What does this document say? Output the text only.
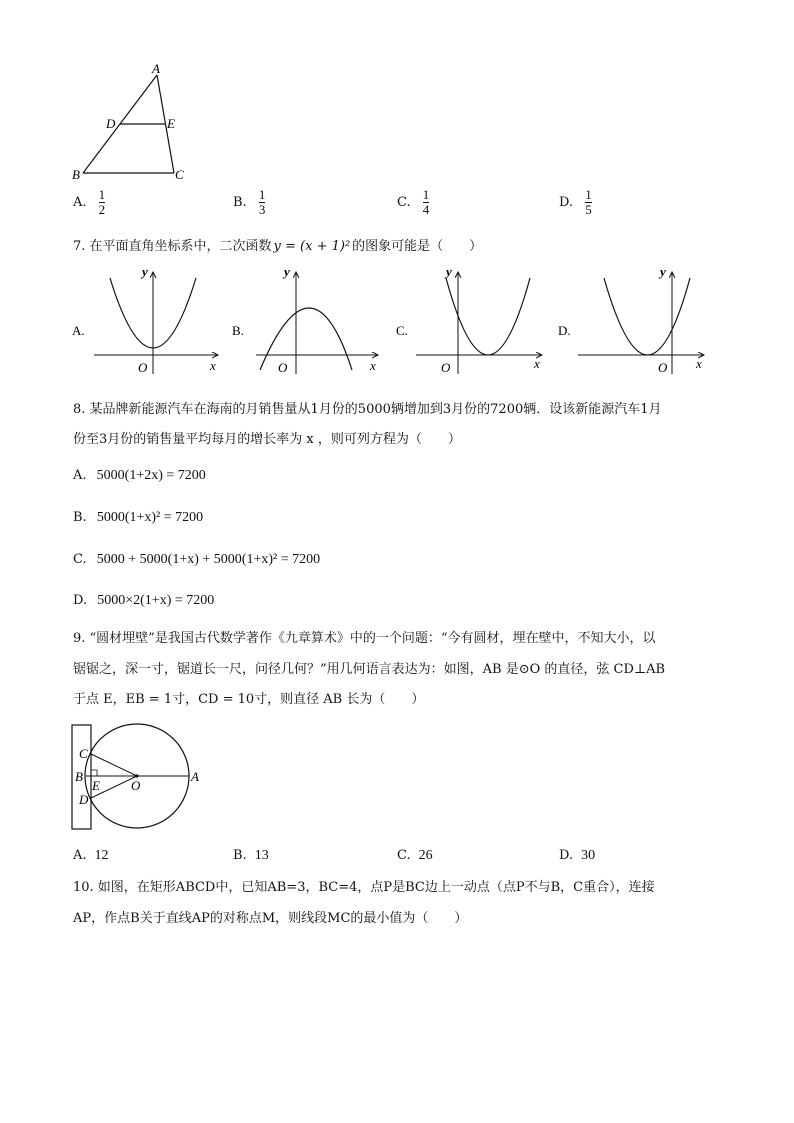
A
D	E
B	C
A. $\frac{1}{2}$	B. $\frac{1}{3}$	C. $\frac{1}{4}$	D. $\frac{1}{5}$
7. 在平面直角坐标系中，二次函数 y = (x + 1)² 的图象可能是（　　）
y
x
O
A.
y
x
O
B.
y
x
O
C.
y
x
O
D.
8. 某品牌新能源汽车在海南的月销售量从1月份的5000辆增加到3月份的7200辆．设该新能源汽车1月
份至3月份的销售量平均每月的增长率为 x ，则可列方程为（　　）
A. 5000(1+2x) = 7200
B. 5000(1+x)² = 7200
C. 5000 + 5000(1+x) + 5000(1+x)² = 7200
D. 5000×2(1+x) = 7200
9. “圆材埋壁”是我国古代数学著作《九章算术》中的一个问题：“今有圆材，埋在壁中，不知大小，以
锯锯之，深一寸，锯道长一尺，问径几何？”用几何语言表达为：如图，AB 是⊙O 的直径，弦 CD⊥AB
于点 E，EB = 1寸，CD = 10寸，则直径 AB 长为（　　）
C
B
E
D
O
A
A. 12	B. 13	C. 26	D. 30
10. 如图，在矩形ABCD中，已知AB=3，BC=4，点P是BC边上一动点（点P不与B，C重合），连接
AP，作点B关于直线AP的对称点M，则线段MC的最小值为（　　）
